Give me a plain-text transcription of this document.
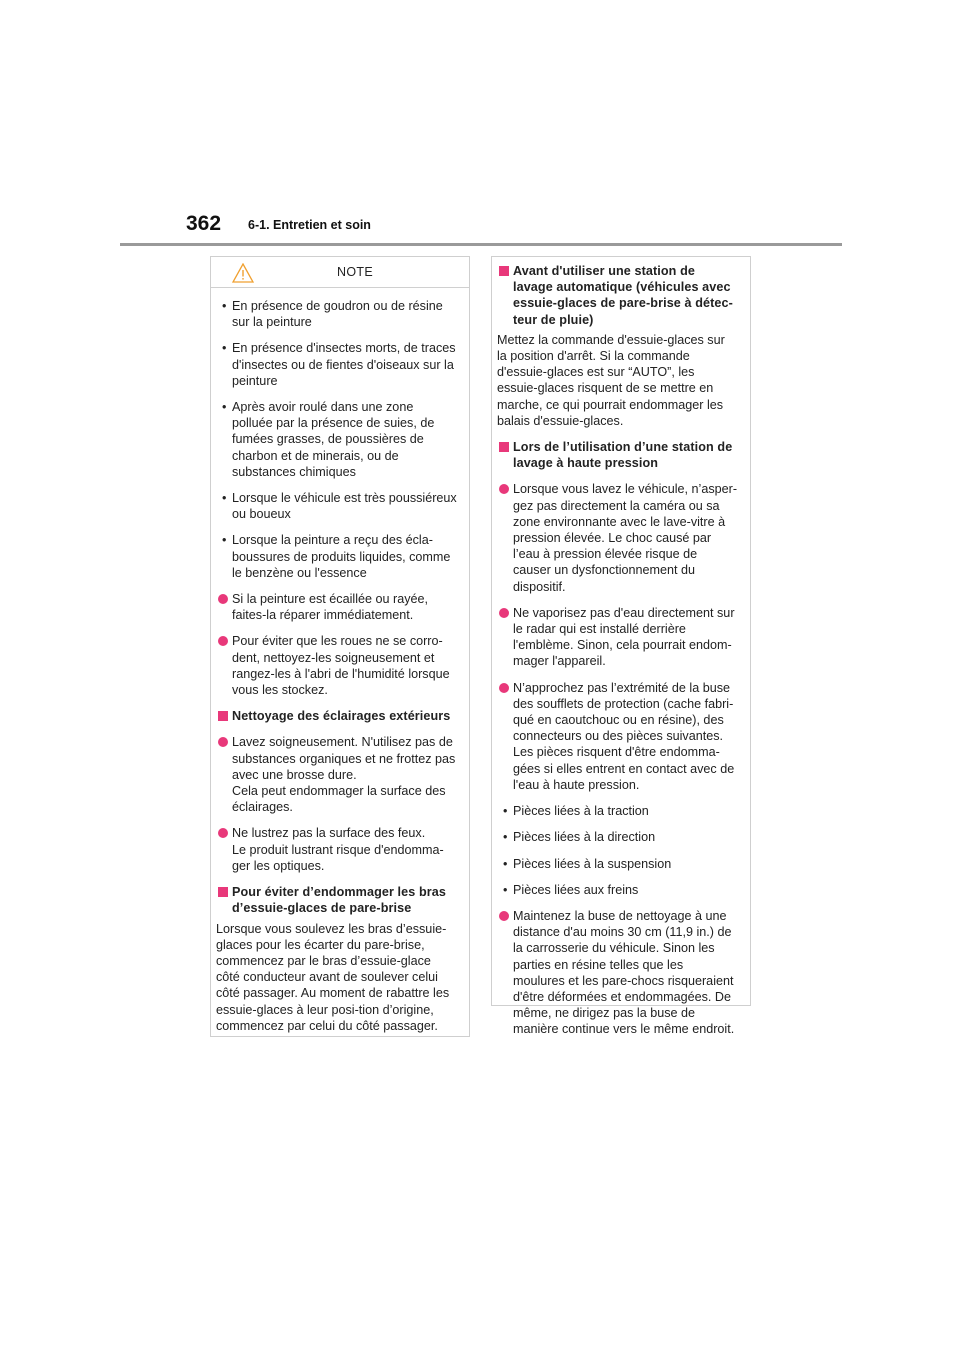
362 6-1. Entretien et soin
NOTE
• En présence de goudron ou de résine sur la peinture
• En présence d'insectes morts, de traces d'insectes ou de fientes d'oiseaux sur la peinture
• Après avoir roulé dans une zone polluée par la présence de suies, de fumées grasses, de poussières de charbon et de minerais, ou de substances chimiques
• Lorsque le véhicule est très poussiéreux ou boueux
• Lorsque la peinture a reçu des écla-boussures de produits liquides, comme le benzène ou l'essence
Si la peinture est écaillée ou rayée, faites-la réparer immédiatement.
Pour éviter que les roues ne se corro-dent, nettoyez-les soigneusement et rangez-les à l'abri de l'humidité lorsque vous les stockez.
Nettoyage des éclairages extérieurs
Lavez soigneusement. N'utilisez pas de substances organiques et ne frottez pas avec une brosse dure.
Cela peut endommager la surface des éclairages.
Ne lustrez pas la surface des feux.
Le produit lustrant risque d'endomma-ger les optiques.
Pour éviter d’endommager les bras d’essuie-glaces de pare-brise
Lorsque vous soulevez les bras d’essuie-glaces pour les écarter du pare-brise, commencez par le bras d’essuie-glace côté conducteur avant de soulever celui côté passager. Au moment de rabattre les essuie-glaces à leur posi-tion d’origine, commencez par celui du côté passager.
Avant d'utiliser une station de lavage automatique (véhicules avec essuie-glaces de pare-brise à détec-teur de pluie)
Mettez la commande d'essuie-glaces sur la position d'arrêt. Si la commande d'essuie-glaces est sur “AUTO”, les essuie-glaces risquent de se mettre en marche, ce qui pourrait endommager les balais d'essuie-glaces.
Lors de l’utilisation d’une station de lavage à haute pression
Lorsque vous lavez le véhicule, n’asper-gez pas directement la caméra ou sa zone environnante avec le lave-vitre à pression élevée. Le choc causé par l’eau à pression élevée risque de causer un dysfonctionnement du dispositif.
Ne vaporisez pas d'eau directement sur le radar qui est installé derrière l'emblème. Sinon, cela pourrait endom-mager l'appareil.
N’approchez pas l’extrémité de la buse des soufflets de protection (cache fabri-qué en caoutchouc ou en résine), des connecteurs ou des pièces suivantes. Les pièces risquent d'être endomma-gées si elles entrent en contact avec de l'eau à haute pression.
• Pièces liées à la traction
• Pièces liées à la direction
• Pièces liées à la suspension
• Pièces liées aux freins
Maintenez la buse de nettoyage à une distance d'au moins 30 cm (11,9 in.) de la carrosserie du véhicule. Sinon les parties en résine telles que les moulures et les pare-chocs risqueraient d'être déformées et endommagées. De même, ne dirigez pas la buse de manière continue vers le même endroit.
